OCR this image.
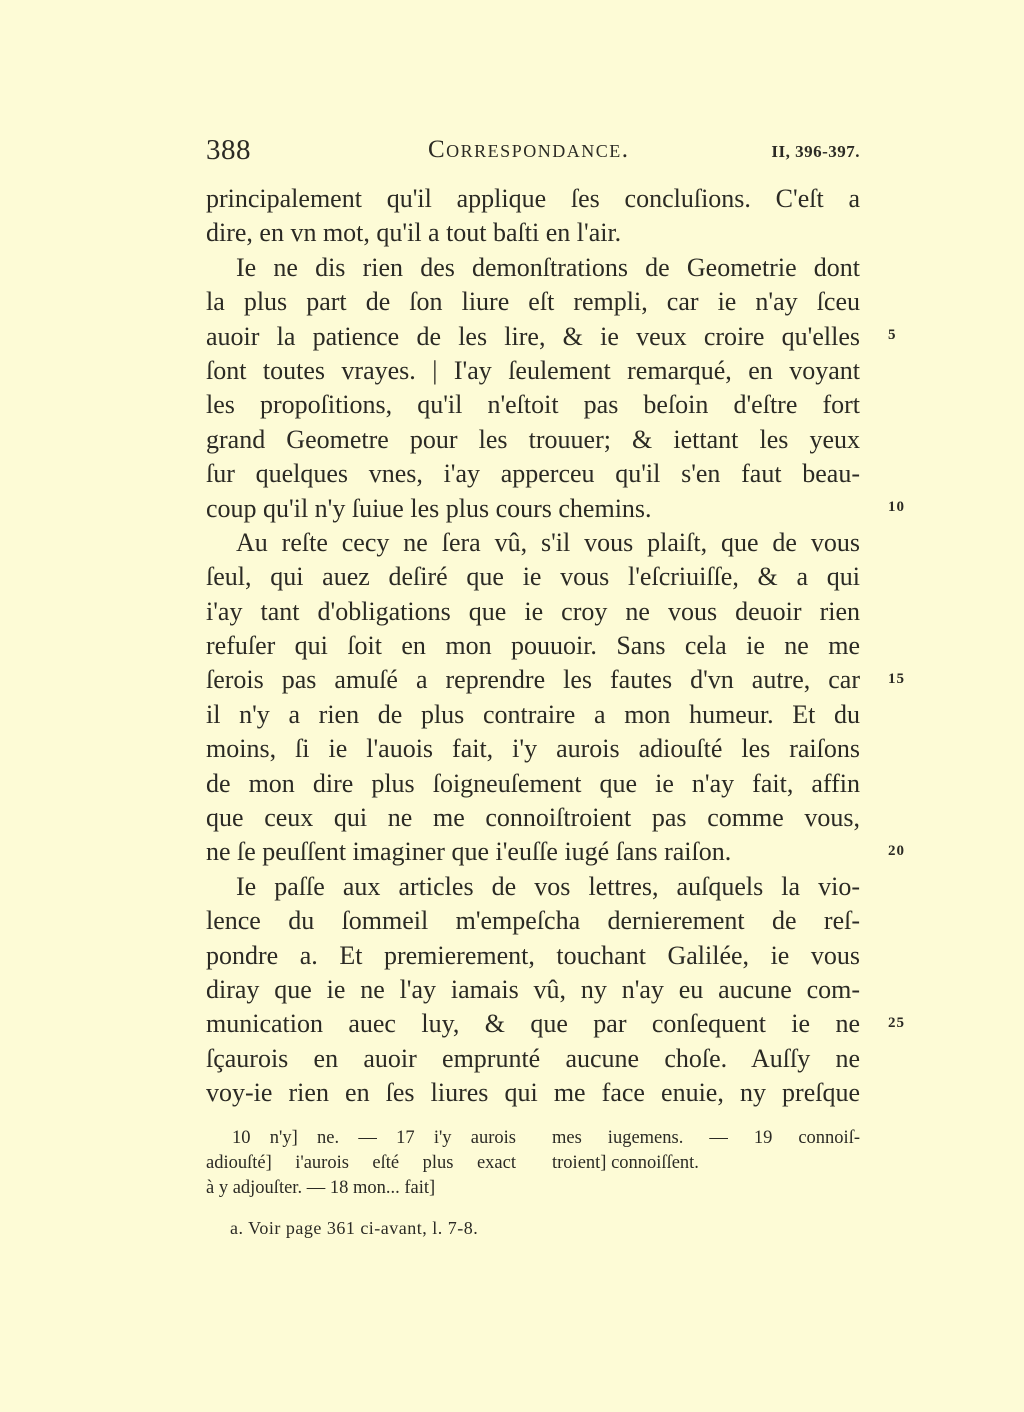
388	Correspondance.	II, 396-397.
principalement qu'il applique ſes concluſions. C'eſt a
dire, en vn mot, qu'il a tout baſti en l'air.
Ie ne dis rien des demonſtrations de Geometrie dont
la plus part de ſon liure eſt rempli, car ie n'ay ſceu
auoir la patience de les lire, & ie veux croire qu'elles
ſont toutes vrayes. | I'ay ſeulement remarqué, en voyant
les propoſitions, qu'il n'eſtoit pas beſoin d'eſtre fort
grand Geometre pour les trouuer; & iettant les yeux
ſur quelques vnes, i'ay apperceu qu'il s'en faut beau-
coup qu'il n'y ſuiue les plus cours chemins.
Au reſte cecy ne ſera vû, s'il vous plaiſt, que de vous
ſeul, qui auez deſiré que ie vous l'eſcriuiſſe, & a qui
i'ay tant d'obligations que ie croy ne vous deuoir rien
refuſer qui ſoit en mon pouuoir. Sans cela ie ne me
ſerois pas amuſé a reprendre les fautes d'vn autre, car
il n'y a rien de plus contraire a mon humeur. Et du
moins, ſi ie l'auois fait, i'y aurois adiouſté les raiſons
de mon dire plus ſoigneuſement que ie n'ay fait, affin
que ceux qui ne me connoiſtroient pas comme vous,
ne ſe peuſſent imaginer que i'euſſe iugé ſans raiſon.
Ie paſſe aux articles de vos lettres, auſquels la vio-
lence du ſommeil m'empeſcha dernierement de reſ-
pondre a. Et premierement, touchant Galilée, ie vous
diray que ie ne l'ay iamais vû, ny n'ay eu aucune com-
munication auec luy, & que par conſequent ie ne
ſçaurois en auoir emprunté aucune choſe. Auſſy ne
voy-ie rien en ſes liures qui me face enuie, ny preſque
5
10
15
20
25
10 n'y] ne. — 17 i'y aurois
adiouſté] i'aurois eſté plus exact
à y adjouſter. — 18 mon... fait]
mes iugemens. — 19 connoiſ-
troient] connoiſſent.
a. Voir page 361 ci-avant, l. 7-8.
